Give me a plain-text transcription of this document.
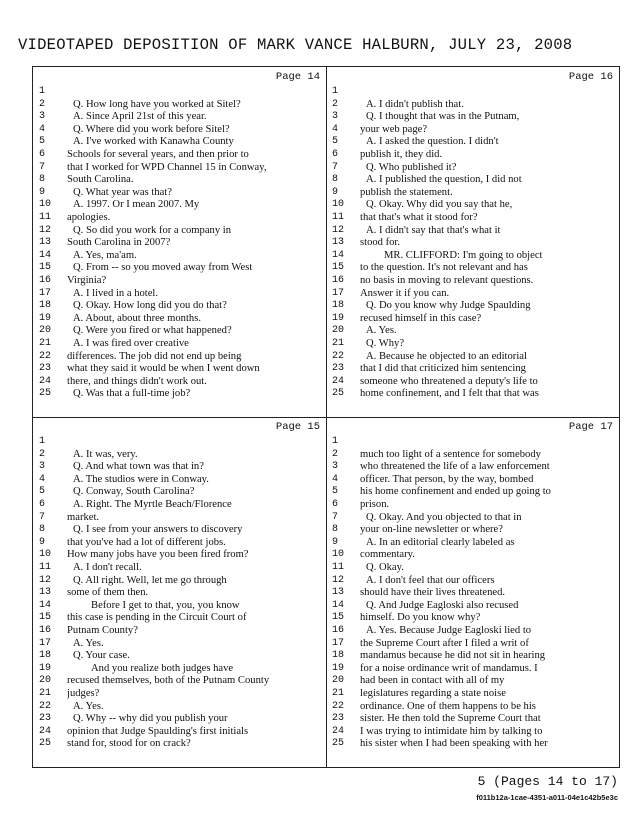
VIDEOTAPED DEPOSITION OF MARK VANCE HALBURN, JULY 23, 2008
Page 14
1
2	Q. How long have you worked at Sitel?
3	A. Since April 21st of this year.
4	Q. Where did you work before Sitel?
5	A. I've worked with Kanawha County
6	Schools for several years, and then prior to
7	that I worked for WPD Channel 15 in Conway,
8	South Carolina.
9	Q. What year was that?
10	A. 1997. Or I mean 2007. My
11	apologies.
12	Q. So did you work for a company in
13	South Carolina in 2007?
14	A. Yes, ma'am.
15	Q. From -- so you moved away from West
16	Virginia?
17	A. I lived in a hotel.
18	Q. Okay. How long did you do that?
19	A. About, about three months.
20	Q. Were you fired or what happened?
21	A. I was fired over creative
22	differences. The job did not end up being
23	what they said it would be when I went down
24	there, and things didn't work out.
25	Q. Was that a full-time job?
Page 16
1
2	A. I didn't publish that.
3	Q. I thought that was in the Putnam,
4	your web page?
5	A. I asked the question. I didn't
6	publish it, they did.
7	Q. Who published it?
8	A. I published the question, I did not
9	publish the statement.
10	Q. Okay. Why did you say that he,
11	that that's what it stood for?
12	A. I didn't say that that's what it
13	stood for.
14	MR. CLIFFORD: I'm going to object
15	to the question. It's not relevant and has
16	no basis in moving to relevant questions.
17	Answer it if you can.
18	Q. Do you know why Judge Spaulding
19	recused himself in this case?
20	A. Yes.
21	Q. Why?
22	A. Because he objected to an editorial
23	that I did that criticized him sentencing
24	someone who threatened a deputy's life to
25	home confinement, and I felt that that was
Page 15
1
2	A. It was, very.
3	Q. And what town was that in?
4	A. The studios were in Conway.
5	Q. Conway, South Carolina?
6	A. Right. The Myrtle Beach/Florence
7	market.
8	Q. I see from your answers to discovery
9	that you've had a lot of different jobs.
10	How many jobs have you been fired from?
11	A. I don't recall.
12	Q. All right. Well, let me go through
13	some of them then.
14	Before I get to that, you, you know
15	this case is pending in the Circuit Court of
16	Putnam County?
17	A. Yes.
18	Q. Your case.
19	And you realize both judges have
20	recused themselves, both of the Putnam County
21	judges?
22	A. Yes.
23	Q. Why -- why did you publish your
24	opinion that Judge Spaulding's first initials
25	stand for, stood for on crack?
Page 17
1
2	much too light of a sentence for somebody
3	who threatened the life of a law enforcement
4	officer. That person, by the way, bombed
5	his home confinement and ended up going to
6	prison.
7	Q. Okay. And you objected to that in
8	your on-line newsletter or where?
9	A. In an editorial clearly labeled as
10	commentary.
11	Q. Okay.
12	A. I don't feel that our officers
13	should have their lives threatened.
14	Q. And Judge Eagloski also recused
15	himself. Do you know why?
16	A. Yes. Because Judge Eagloski lied to
17	the Supreme Court after I filed a writ of
18	mandamus because he did not sit in hearing
19	for a noise ordinance writ of mandamus. I
20	had been in contact with all of my
21	legislatures regarding a state noise
22	ordinance. One of them happens to be his
23	sister. He then told the Supreme Court that
24	I was trying to intimidate him by talking to
25	his sister when I had been speaking with her
5 (Pages 14 to 17)
f011b12a-1cae-4351-a011-04e1c42b5e3c
